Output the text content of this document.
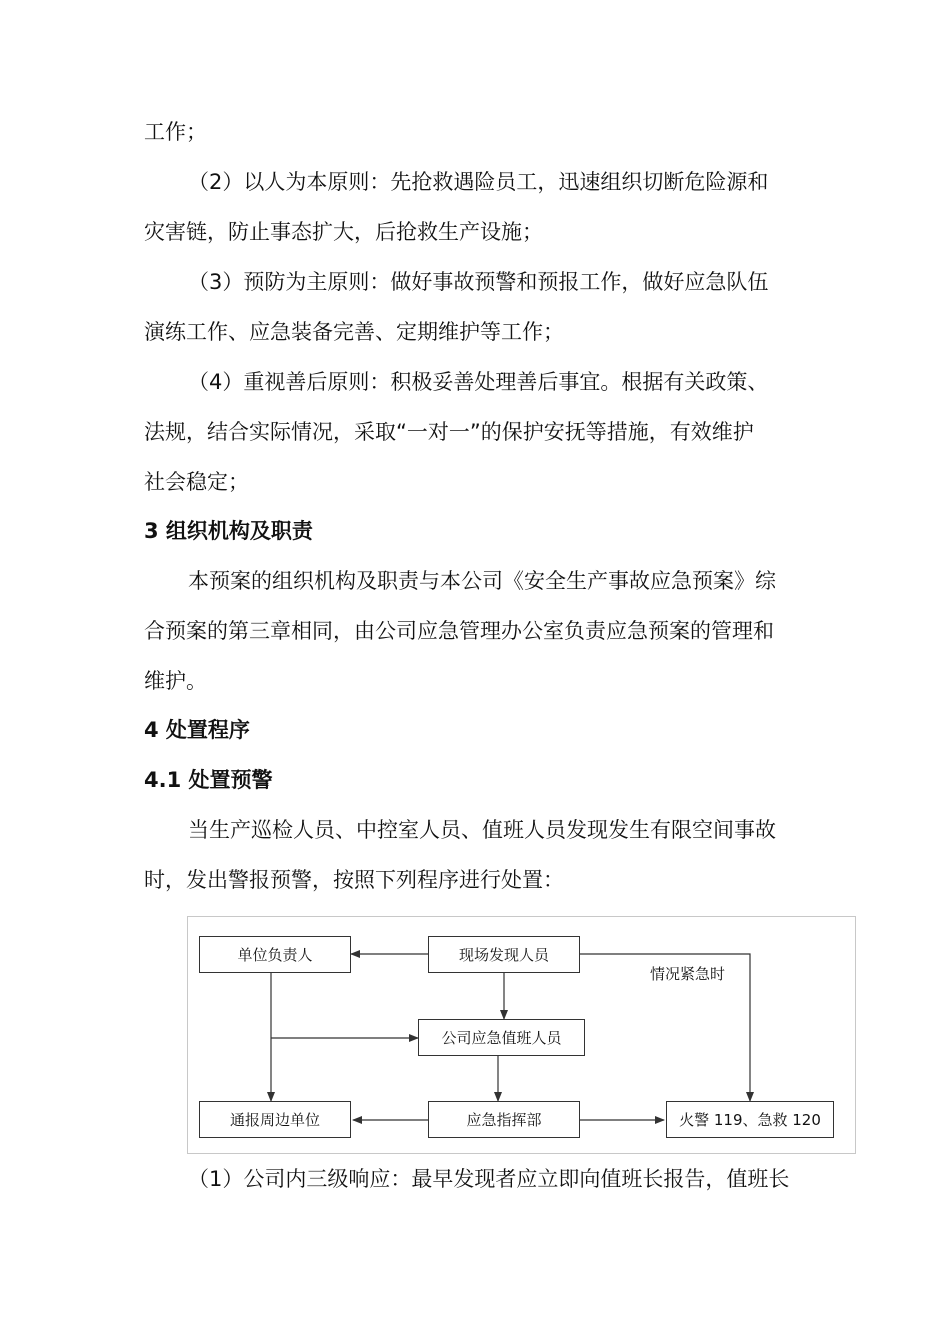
工作；
（2）以人为本原则：先抢救遇险员工，迅速组织切断危险源和
灾害链，防止事态扩大，后抢救生产设施；
（3）预防为主原则：做好事故预警和预报工作，做好应急队伍
演练工作、应急装备完善、定期维护等工作；
（4）重视善后原则：积极妥善处理善后事宜。根据有关政策、
法规，结合实际情况，采取“一对一”的保护安抚等措施，有效维护
社会稳定；
3 组织机构及职责
本预案的组织机构及职责与本公司《安全生产事故应急预案》综
合预案的第三章相同，由公司应急管理办公室负责应急预案的管理和
维护。
4 处置程序
4.1 处置预警
当生产巡检人员、中控室人员、值班人员发现发生有限空间事故
时，发出警报预警，按照下列程序进行处置：
单位负责人	现场发现人员
公司应急值班人员
通报周边单位	应急指挥部	火警 119、急救 120
情况紧急时
（1）公司内三级响应：最早发现者应立即向值班长报告，值班长
